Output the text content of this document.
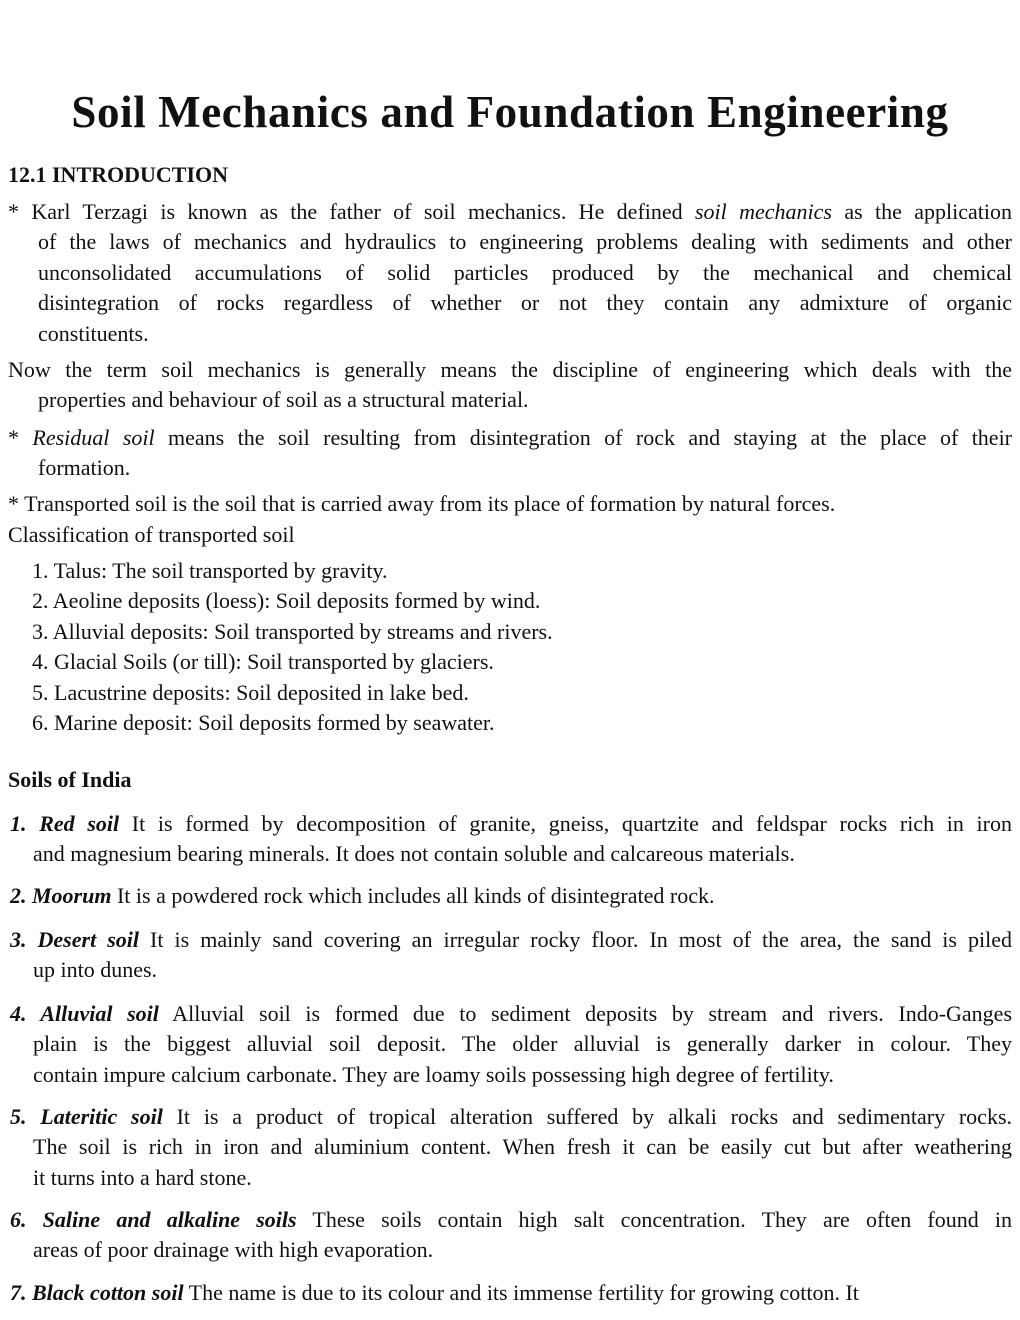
Soil Mechanics and Foundation Engineering
12.1 INTRODUCTION
* Karl Terzagi is known as the father of soil mechanics. He defined soil mechanics as the application
of the laws of mechanics and hydraulics to engineering problems dealing with sediments and other
unconsolidated accumulations of solid particles produced by the mechanical and chemical
disintegration of rocks regardless of whether or not they contain any admixture of organic
constituents.
Now the term soil mechanics is generally means the discipline of engineering which deals with the
properties and behaviour of soil as a structural material.
* Residual soil means the soil resulting from disintegration of rock and staying at the place of their
formation.
* Transported soil is the soil that is carried away from its place of formation by natural forces.
Classification of transported soil
1. Talus: The soil transported by gravity.
2. Aeoline deposits (loess): Soil deposits formed by wind.
3. Alluvial deposits: Soil transported by streams and rivers.
4. Glacial Soils (or till): Soil transported by glaciers.
5. Lacustrine deposits: Soil deposited in lake bed.
6. Marine deposit: Soil deposits formed by seawater.
Soils of India
1. Red soil It is formed by decomposition of granite, gneiss, quartzite and feldspar rocks rich in iron
and magnesium bearing minerals. It does not contain soluble and calcareous materials.
2. Moorum It is a powdered rock which includes all kinds of disintegrated rock.
3. Desert soil It is mainly sand covering an irregular rocky floor. In most of the area, the sand is piled
up into dunes.
4. Alluvial soil Alluvial soil is formed due to sediment deposits by stream and rivers. Indo-Ganges
plain is the biggest alluvial soil deposit. The older alluvial is generally darker in colour. They
contain impure calcium carbonate. They are loamy soils possessing high degree of fertility.
5. Lateritic soil It is a product of tropical alteration suffered by alkali rocks and sedimentary rocks.
The soil is rich in iron and aluminium content. When fresh it can be easily cut but after weathering
it turns into a hard stone.
6. Saline and alkaline soils These soils contain high salt concentration. They are often found in
areas of poor drainage with high evaporation.
7. Black cotton soil The name is due to its colour and its immense fertility for growing cotton. It
